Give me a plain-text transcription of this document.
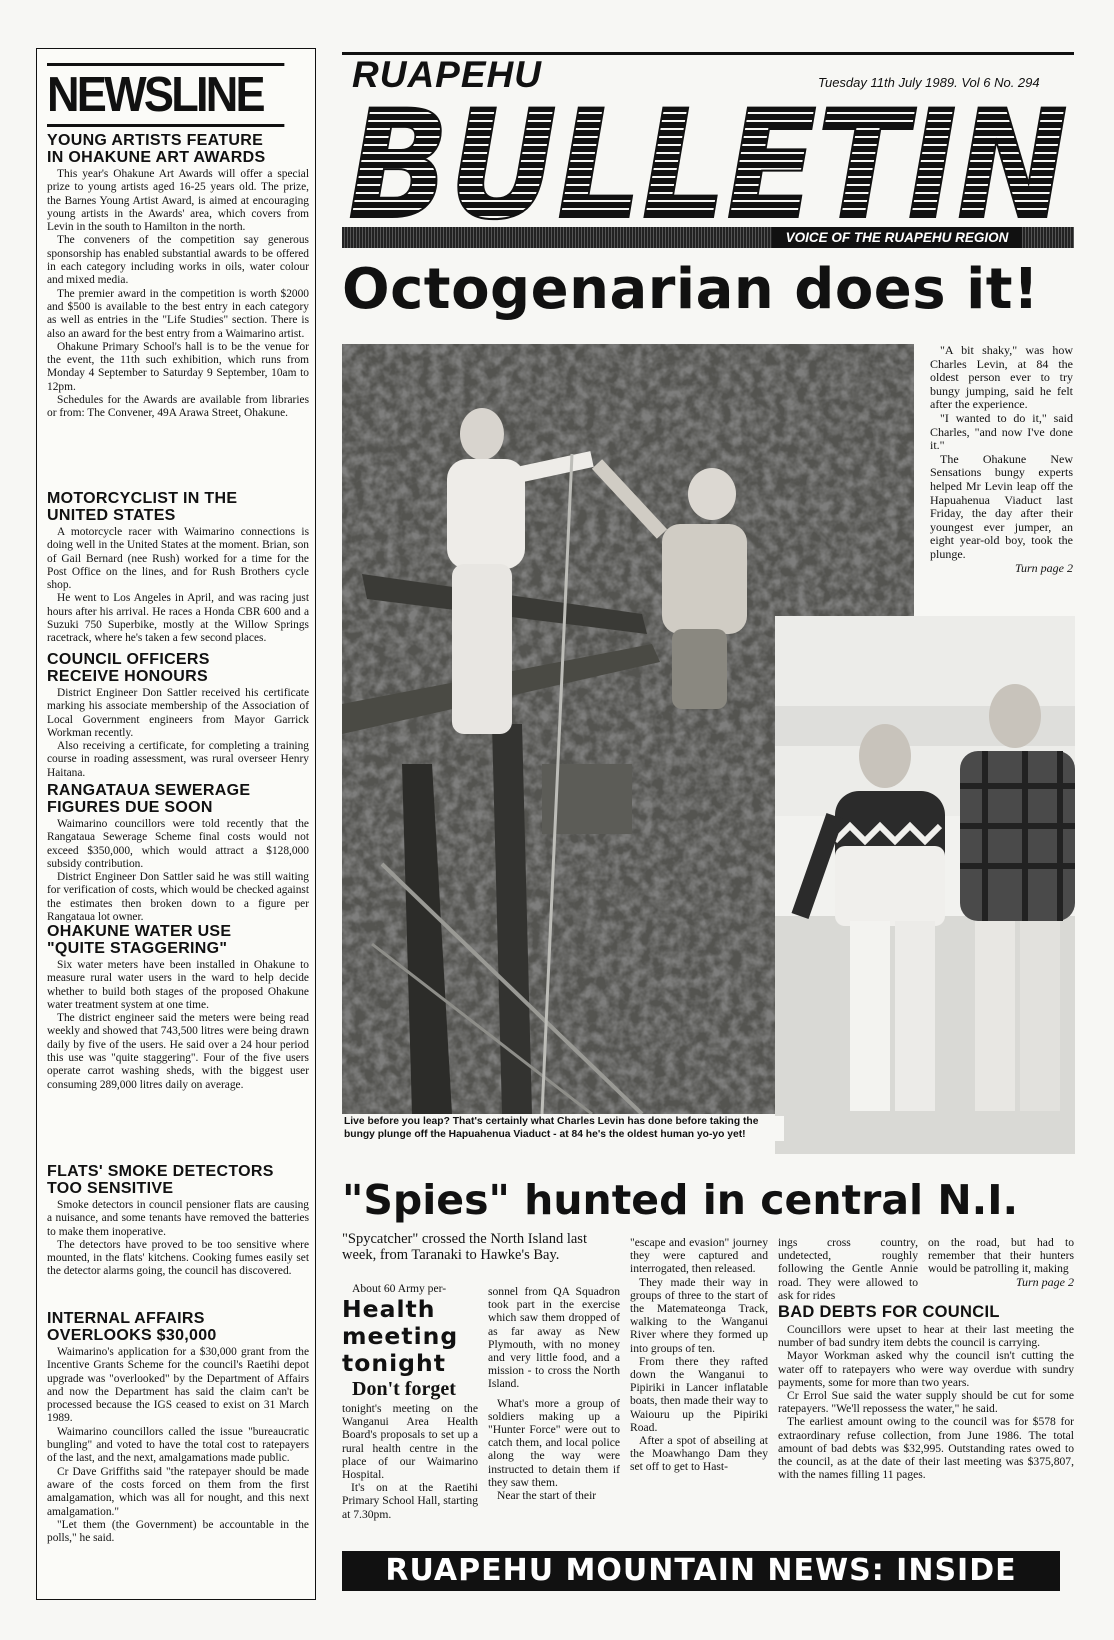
NEWSLINE
YOUNG ARTISTS FEATURE
IN OHAKUNE ART AWARDS

This year's Ohakune Art Awards will offer a special prize to young artists aged 16-25 years old. The prize, the Barnes Young Artist Award, is aimed at encouraging young artists in the Awards' area, which covers from Levin in the south to Hamilton in the north.

The conveners of the competition say generous sponsorship has enabled substantial awards to be offered in each category including works in oils, water colour and mixed media.

The premier award in the competition is worth $2000 and $500 is available to the best entry in each category as well as entries in the "Life Studies" section. There is also an award for the best entry from a Waimarino artist.

Ohakune Primary School's hall is to be the venue for the event, the 11th such exhibition, which runs from Monday 4 September to Saturday 9 September, 10am to 12pm.

Schedules for the Awards are available from libraries or from: The Convener, 49A Arawa Street, Ohakune.

MOTORCYCLIST IN THE
UNITED STATES

A motorcycle racer with Waimarino connections is doing well in the United States at the moment. Brian, son of Gail Bernard (nee Rush) worked for a time for the Post Office on the lines, and for Rush Brothers cycle shop.

He went to Los Angeles in April, and was racing just hours after his arrival. He races a Honda CBR 600 and a Suzuki 750 Superbike, mostly at the Willow Springs racetrack, where he's taken a few second places.

COUNCIL OFFICERS
RECEIVE HONOURS

District Engineer Don Sattler received his certificate marking his associate membership of the Association of Local Government engineers from Mayor Garrick Workman recently.

Also receiving a certificate, for completing a training course in roading assessment, was rural overseer Henry Haitana.

RANGATAUA SEWERAGE
FIGURES DUE SOON

Waimarino councillors were told recently that the Rangataua Sewerage Scheme final costs would not exceed $350,000, which would attract a $128,000 subsidy contribution.

District Engineer Don Sattler said he was still waiting for verification of costs, which would be checked against the estimates then broken down to a figure per Rangataua lot owner.

OHAKUNE WATER USE
"QUITE STAGGERING"

Six water meters have been installed in Ohakune to measure rural water users in the ward to help decide whether to build both stages of the proposed Ohakune water treatment system at one time.

The district engineer said the meters were being read weekly and showed that 743,500 litres were being drawn daily by five of the users. He said over a 24 hour period this use was "quite staggering". Four of the five users operate carrot washing sheds, with the biggest user consuming 289,000 litres daily on average.

FLATS' SMOKE DETECTORS
TOO SENSITIVE

Smoke detectors in council pensioner flats are causing a nuisance, and some tenants have removed the batteries to make them inoperative.

The detectors have proved to be too sensitive where mounted, in the flats' kitchens. Cooking fumes easily set the detector alarms going, the council has discovered.

INTERNAL AFFAIRS
OVERLOOKS $30,000

Waimarino's application for a $30,000 grant from the Incentive Grants Scheme for the council's Raetihi depot upgrade was "overlooked" by the Department of Affairs and now the Department has said the claim can't be processed because the IGS ceased to exist on 31 March 1989.

Waimarino councillors called the issue "bureaucratic bungling" and voted to have the total cost to ratepayers of the last, and the next, amalgamations made public.

Cr Dave Griffiths said "the ratepayer should be made aware of the costs forced on them from the first amalgamation, which was all for nought, and this next amalgamation."

"Let them (the Government) be accountable in the polls," he said.

RUAPEHU	Tuesday 11th July 1989. Vol 6 No. 294
BULLETIN
VOICE OF THE RUAPEHU REGION
Octogenarian does it!
Live before you leap? That's certainly what Charles Levin has done before taking the bungy plunge off the Hapuahenua Viaduct - at 84 he's the oldest human yo-yo yet!

"A bit shaky," was how Charles Levin, at 84 the oldest person ever to try bungy jumping, said he felt after the experience.

"I wanted to do it," said Charles, "and now I've done it."

The Ohakune New Sensations bungy experts helped Mr Levin leap off the Hapuahenua Viaduct last Friday, the day after their youngest ever jumper, an eight year-old boy, took the plunge.

Turn page 2
"Spies" hunted in central N.I.
"Spycatcher" crossed the North Island last week, from Taranaki to Hawke's Bay.
About 60 Army per-
Health
meeting
tonight
Don't forget

tonight's meeting on the Wanganui Area Health Board's proposals to set up a rural health centre in the place of our Waimarino Hospital.

It's on at the Raetihi Primary School Hall, starting at 7.30pm.

sonnel from QA Squadron took part in the exercise which saw them dropped of as far away as New Plymouth, with no money and very little food, and a mission - to cross the North Island.

What's more a group of soldiers making up a "Hunter Force" were out to catch them, and local police along the way were instructed to detain them if they saw them.

Near the start of their

"escape and evasion" journey they were captured and interrogated, then released.

They made their way in groups of three to the start of the Matemateonga Track, walking to the Wanganui River where they formed up into groups of ten.

From there they rafted down the Wanganui to Pipiriki in Lancer inflatable boats, then made their way to Waiouru up the Pipiriki Road.

After a spot of abseiling at the Moawhango Dam they set off to get to Hast-

ings cross country, undetected, roughly following the Gentle Annie road. They were allowed to ask for rides

on the road, but had to remember that their hunters would be patrolling it, making

Turn page 2
BAD DEBTS FOR COUNCIL

Councillors were upset to hear at their last meeting the number of bad sundry item debts the council is carrying.

Mayor Workman asked why the council isn't cutting the water off to ratepayers who were way overdue with sundry payments, some for more than two years.

Cr Errol Sue said the water supply should be cut for some ratepayers. "We'll repossess the water," he said.

The earliest amount owing to the council was for $578 for extraordinary refuse collection, from June 1986. The total amount of bad debts was $32,995. Outstanding rates owed to the council, as at the date of their last meeting was $375,807, with the names filling 11 pages.

RUAPEHU MOUNTAIN NEWS: INSIDE
